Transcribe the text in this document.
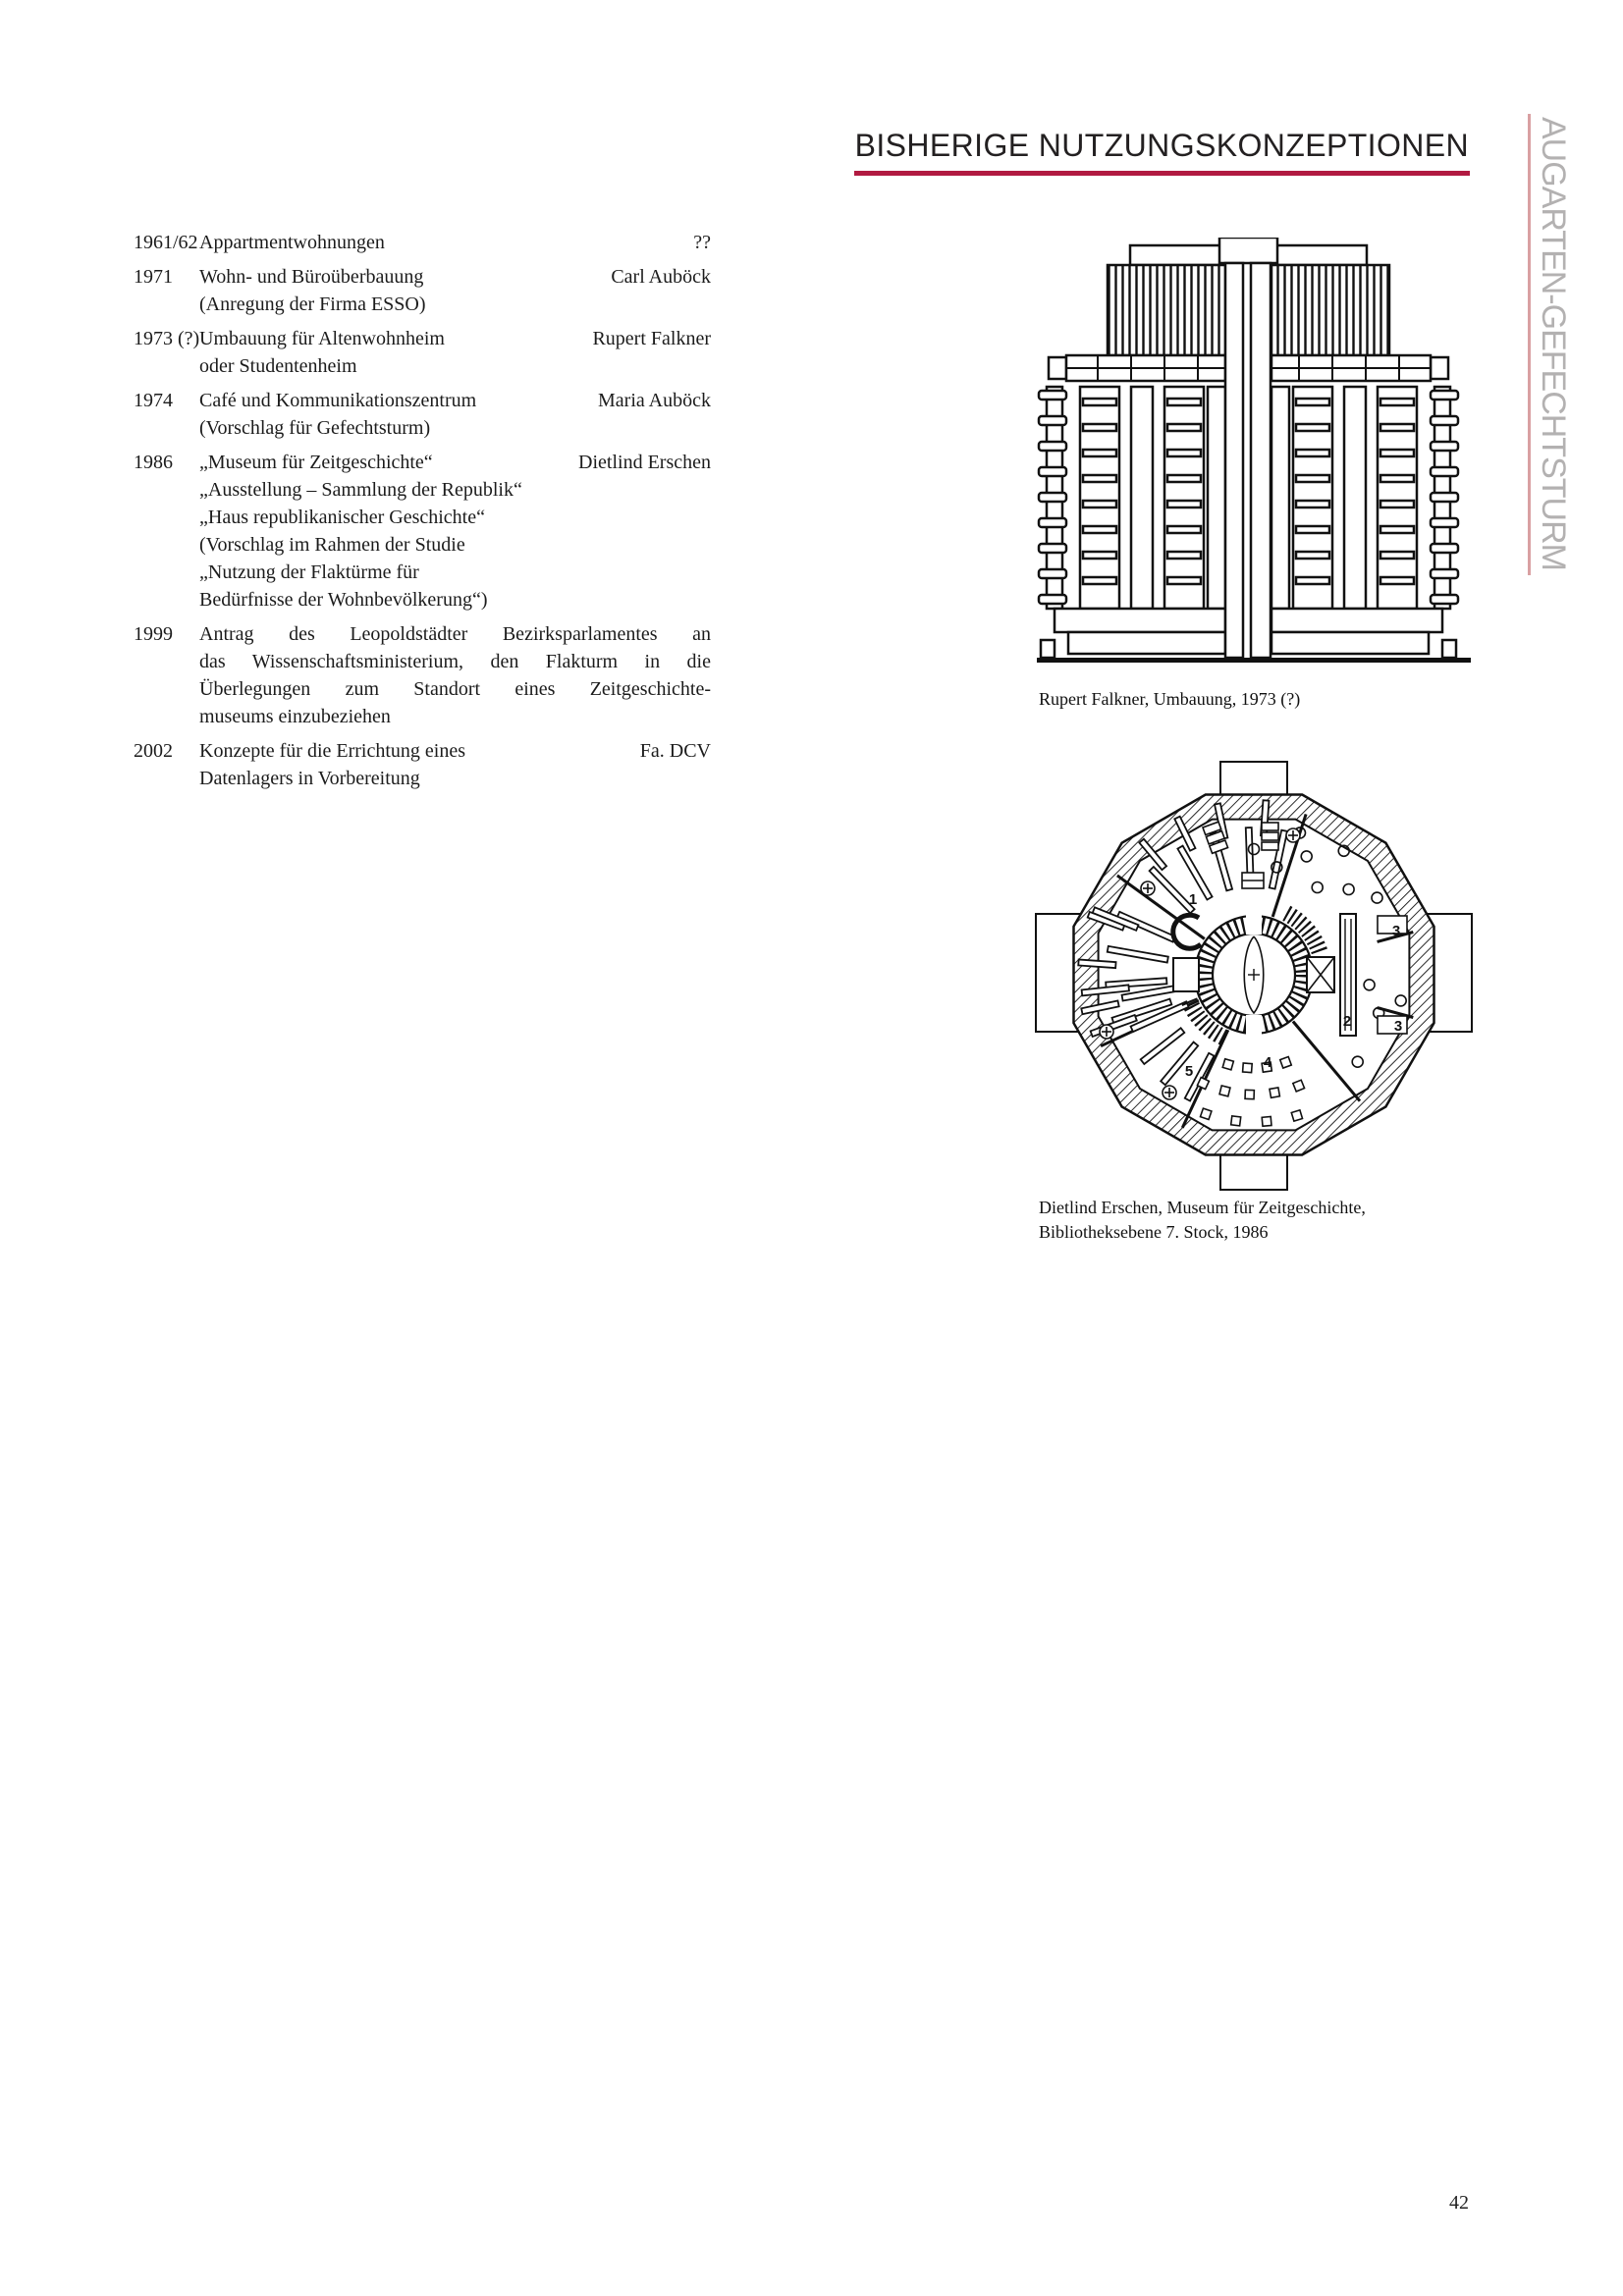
BISHERIGE NUTZUNGSKONZEPTIONEN AUGARTEN-GEFECHTSTURM
1961/62 Appartmentwohnungen	??
1971	Wohn- und Büroüberbauung	Carl Auböck
(Anregung der Firma ESSO)
1973 (?) Umbauung für Altenwohnheim	Rupert Falkner
oder Studentenheim
1974	Café und Kommunikationszentrum	Maria Auböck
(Vorschlag für Gefechtsturm)
1986	„Museum für Zeitgeschichte“	Dietlind Erschen
„Ausstellung – Sammlung der Republik“
„Haus republikanischer Geschichte“
(Vorschlag im Rahmen der Studie
„Nutzung der Flaktürme für
Bedürfnisse der Wohnbevölkerung“)
1999	Antrag des Leopoldstädter Bezirksparlamentes an
das Wissenschaftsministerium, den Flakturm in die
Überlegungen zum Standort eines Zeitgeschichte-
museums einzubeziehen
2002	Konzepte für die Errichtung eines	Fa. DCV
Datenlagers in Vorbereitung
Rupert Falkner, Umbauung, 1973 (?)
1
2
3
3
4
5
Dietlind Erschen, Museum für Zeitgeschichte,
Bibliotheksebene 7. Stock, 1986
42
